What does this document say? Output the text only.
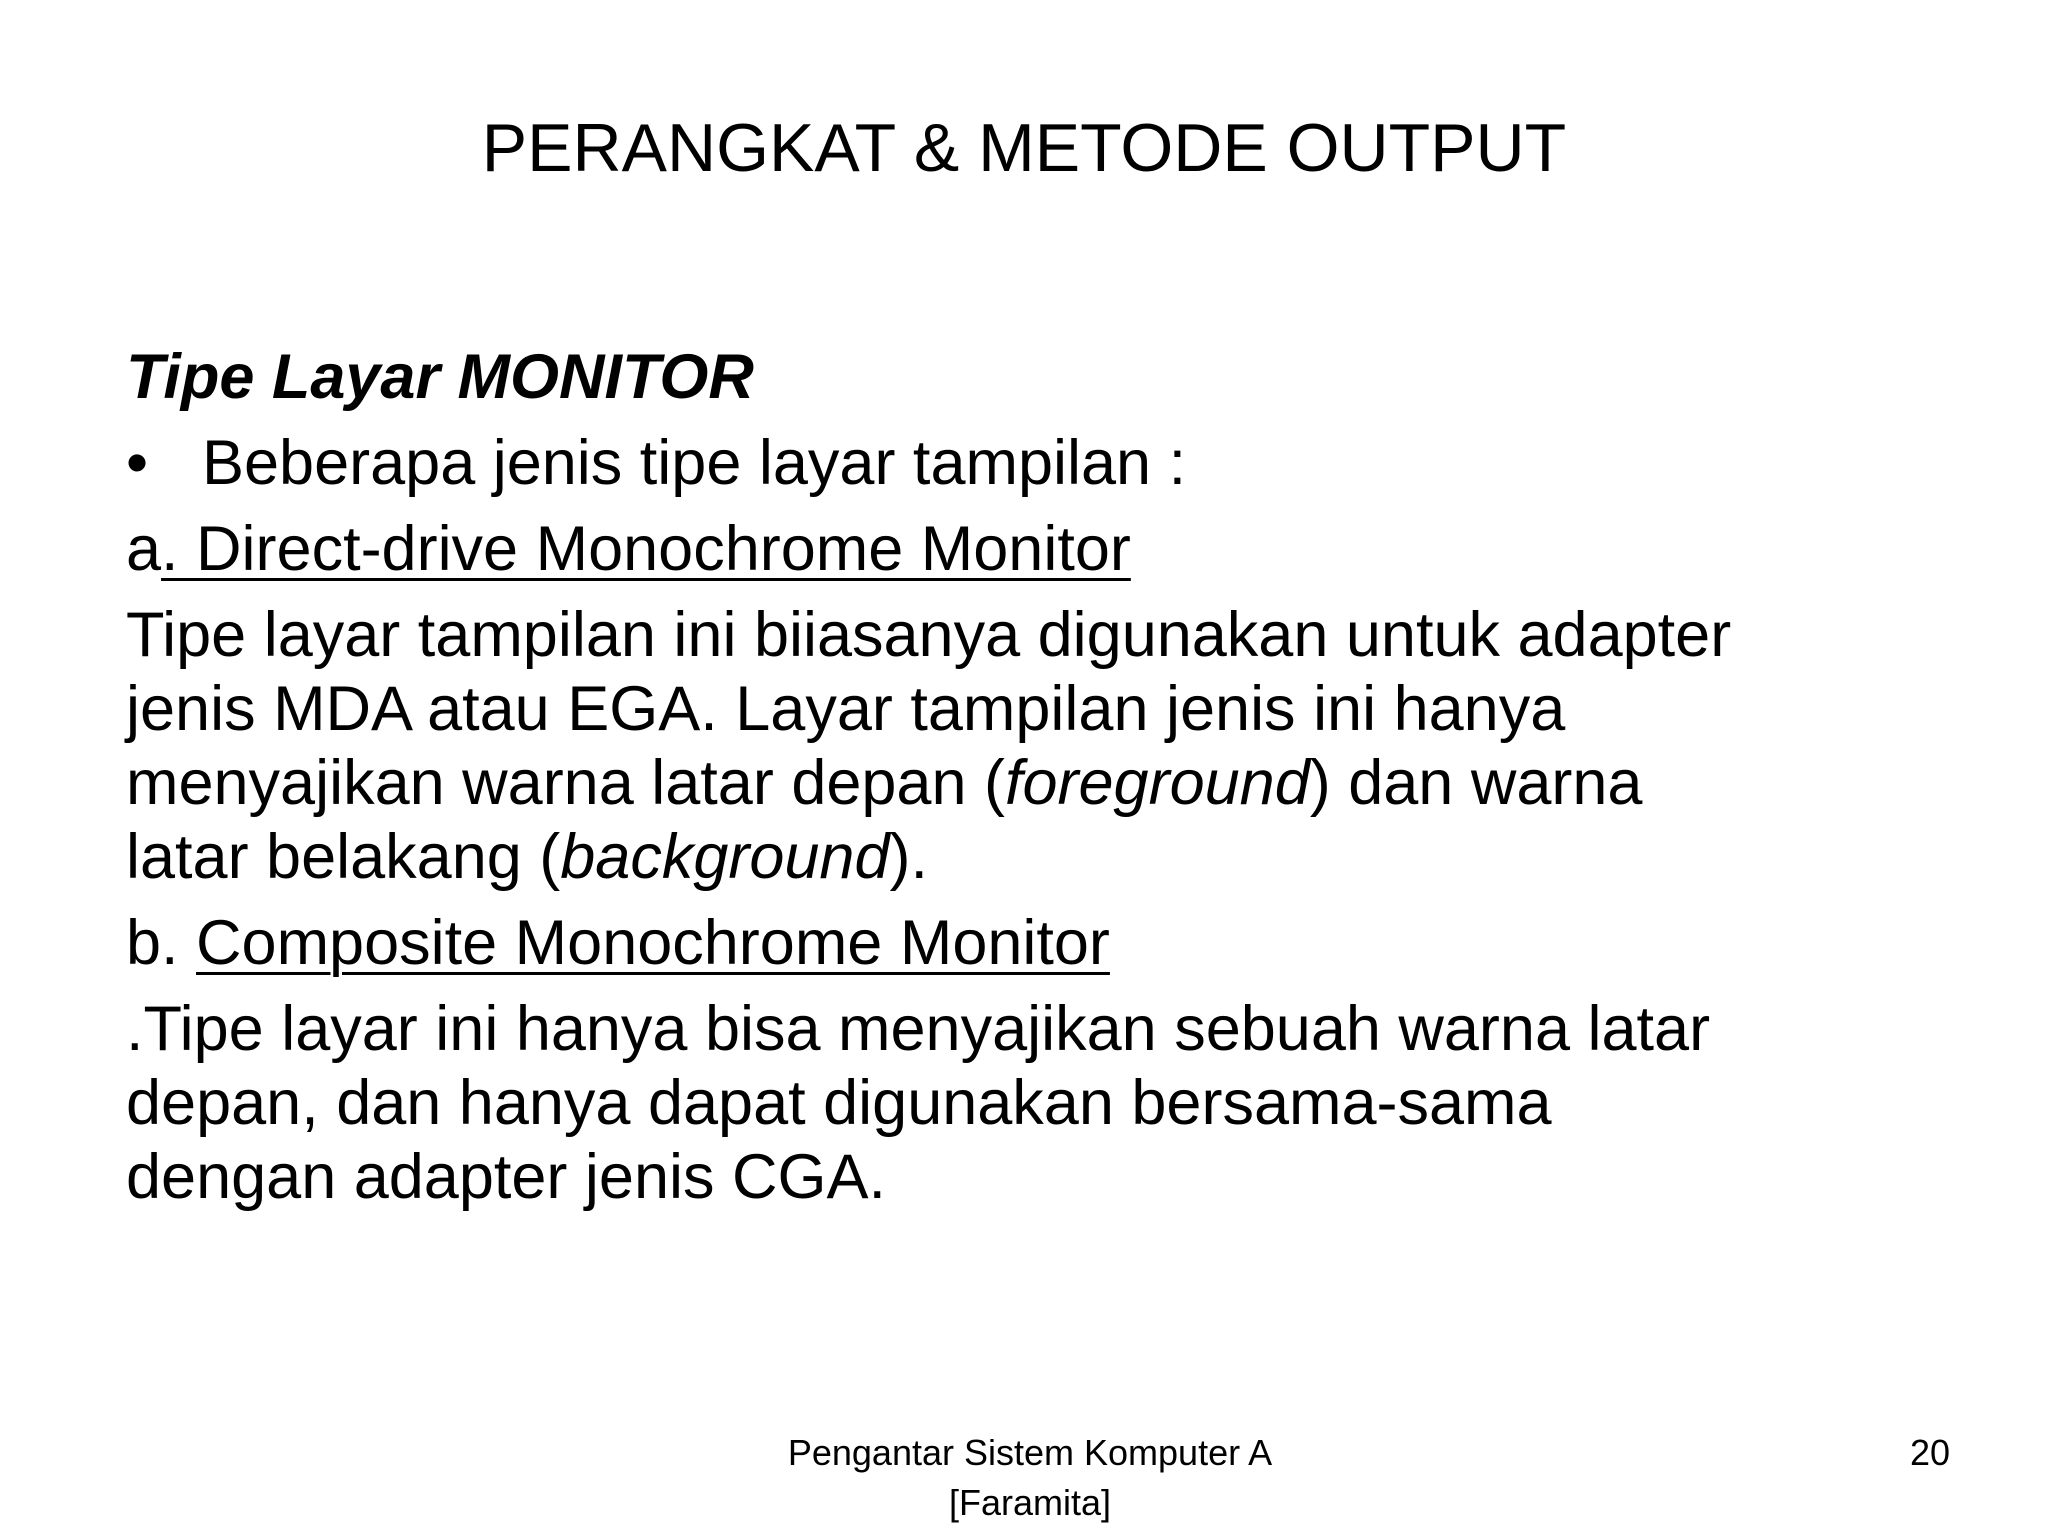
PERANGKAT & METODE OUTPUT
Tipe Layar MONITOR
• Beberapa jenis tipe layar tampilan :
a. Direct-drive Monochrome Monitor
Tipe layar tampilan ini biiasanya digunakan untuk adapter
jenis MDA atau EGA. Layar tampilan jenis ini hanya
menyajikan warna latar depan (foreground) dan warna
latar belakang (background).
b. Composite Monochrome Monitor
.Tipe layar ini hanya bisa menyajikan sebuah warna latar
depan, dan hanya dapat digunakan bersama-sama
dengan adapter jenis CGA.
Pengantar Sistem Komputer A
[Faramita]
20
